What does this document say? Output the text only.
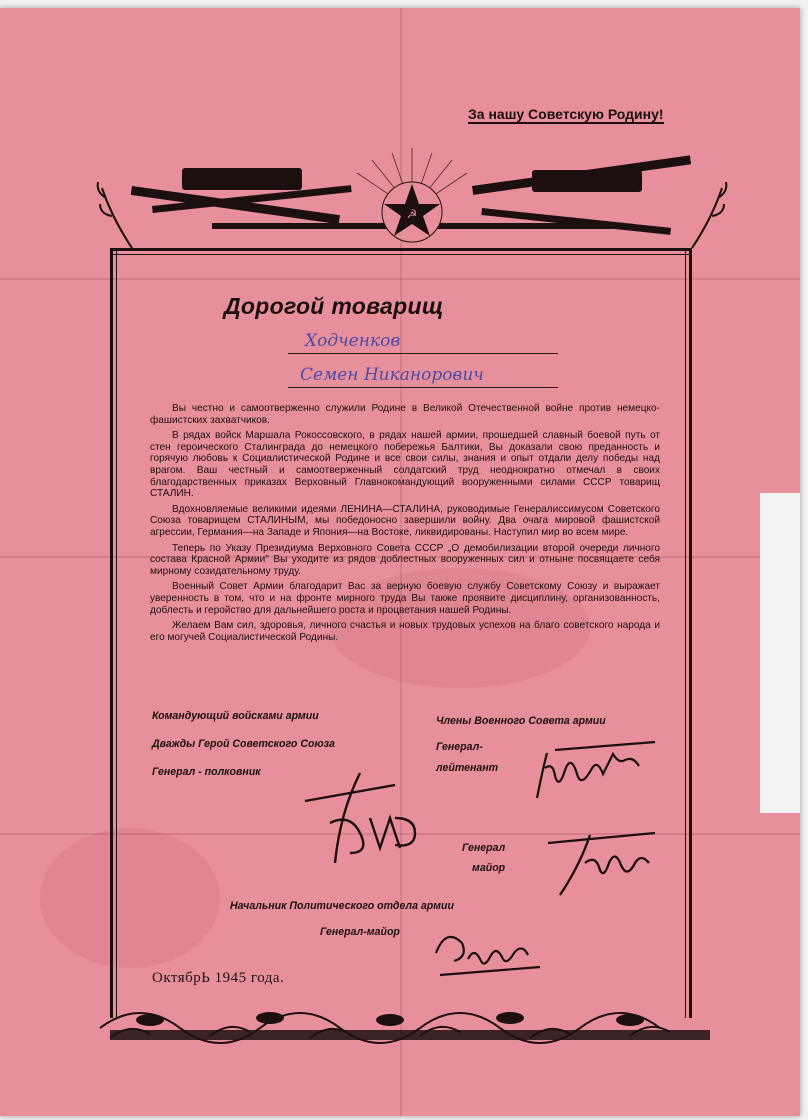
За нашу Советскую Родину!
☭
Дорогой товарищ
Ходченков
Семен Никанорович

Вы честно и самоотверженно служили Родине в Великой Отечественной войне против немецко-фашистских захватчиков.

В рядах войск Маршала Рокоссовского, в рядах нашей армии, прошедшей славный боевой путь от стен героического Сталинграда до немецкого побережья Балтики, Вы доказали свою преданность и горячую любовь к Социалистической Родине и все свои силы, знания и опыт отдали делу победы над врагом. Ваш честный и самоотверженный солдатский труд неоднократно отмечал в своих благодарственных приказах Верховный Главнокомандующий вооруженными силами СССР товарищ СТАЛИН.

Вдохновляемые великими идеями ЛЕНИНА—СТАЛИНА, руководимые Генералиссимусом Советского Союза товарищем СТАЛИНЫМ, мы победоносно завершили войну. Два очага мировой фашистской агрессии, Германия—на Западе и Япония—на Востоке, ликвидированы. Наступил мир во всем мире.

Теперь по Указу Президиума Верховного Совета СССР „О демобилизации второй очереди личного состава Красной Армии" Вы уходите из рядов доблестных вооруженных сил и отныне посвящаете себя мирному созидательному труду.

Военный Совет Армии благодарит Вас за верную боевую службу Советскому Союзу и выражает уверенность в том, что и на фронте мирного труда Вы также проявите дисциплину, организованность, доблесть и геройство для дальнейшего роста и процветания нашей Родины.

Желаем Вам сил, здоровья, личного счастья и новых трудовых успехов на благо советского народа и его могучей Социалистической Родины.

Командующий войсками армии
Дважды Герой Советского Союза
Генерал - полковник
Члены Военного Совета армии
Генерал-
лейтенант
Генерал
майор
Начальник Политического отдела армии
Генерал-майор
ОктябрЬ 1945 года.
